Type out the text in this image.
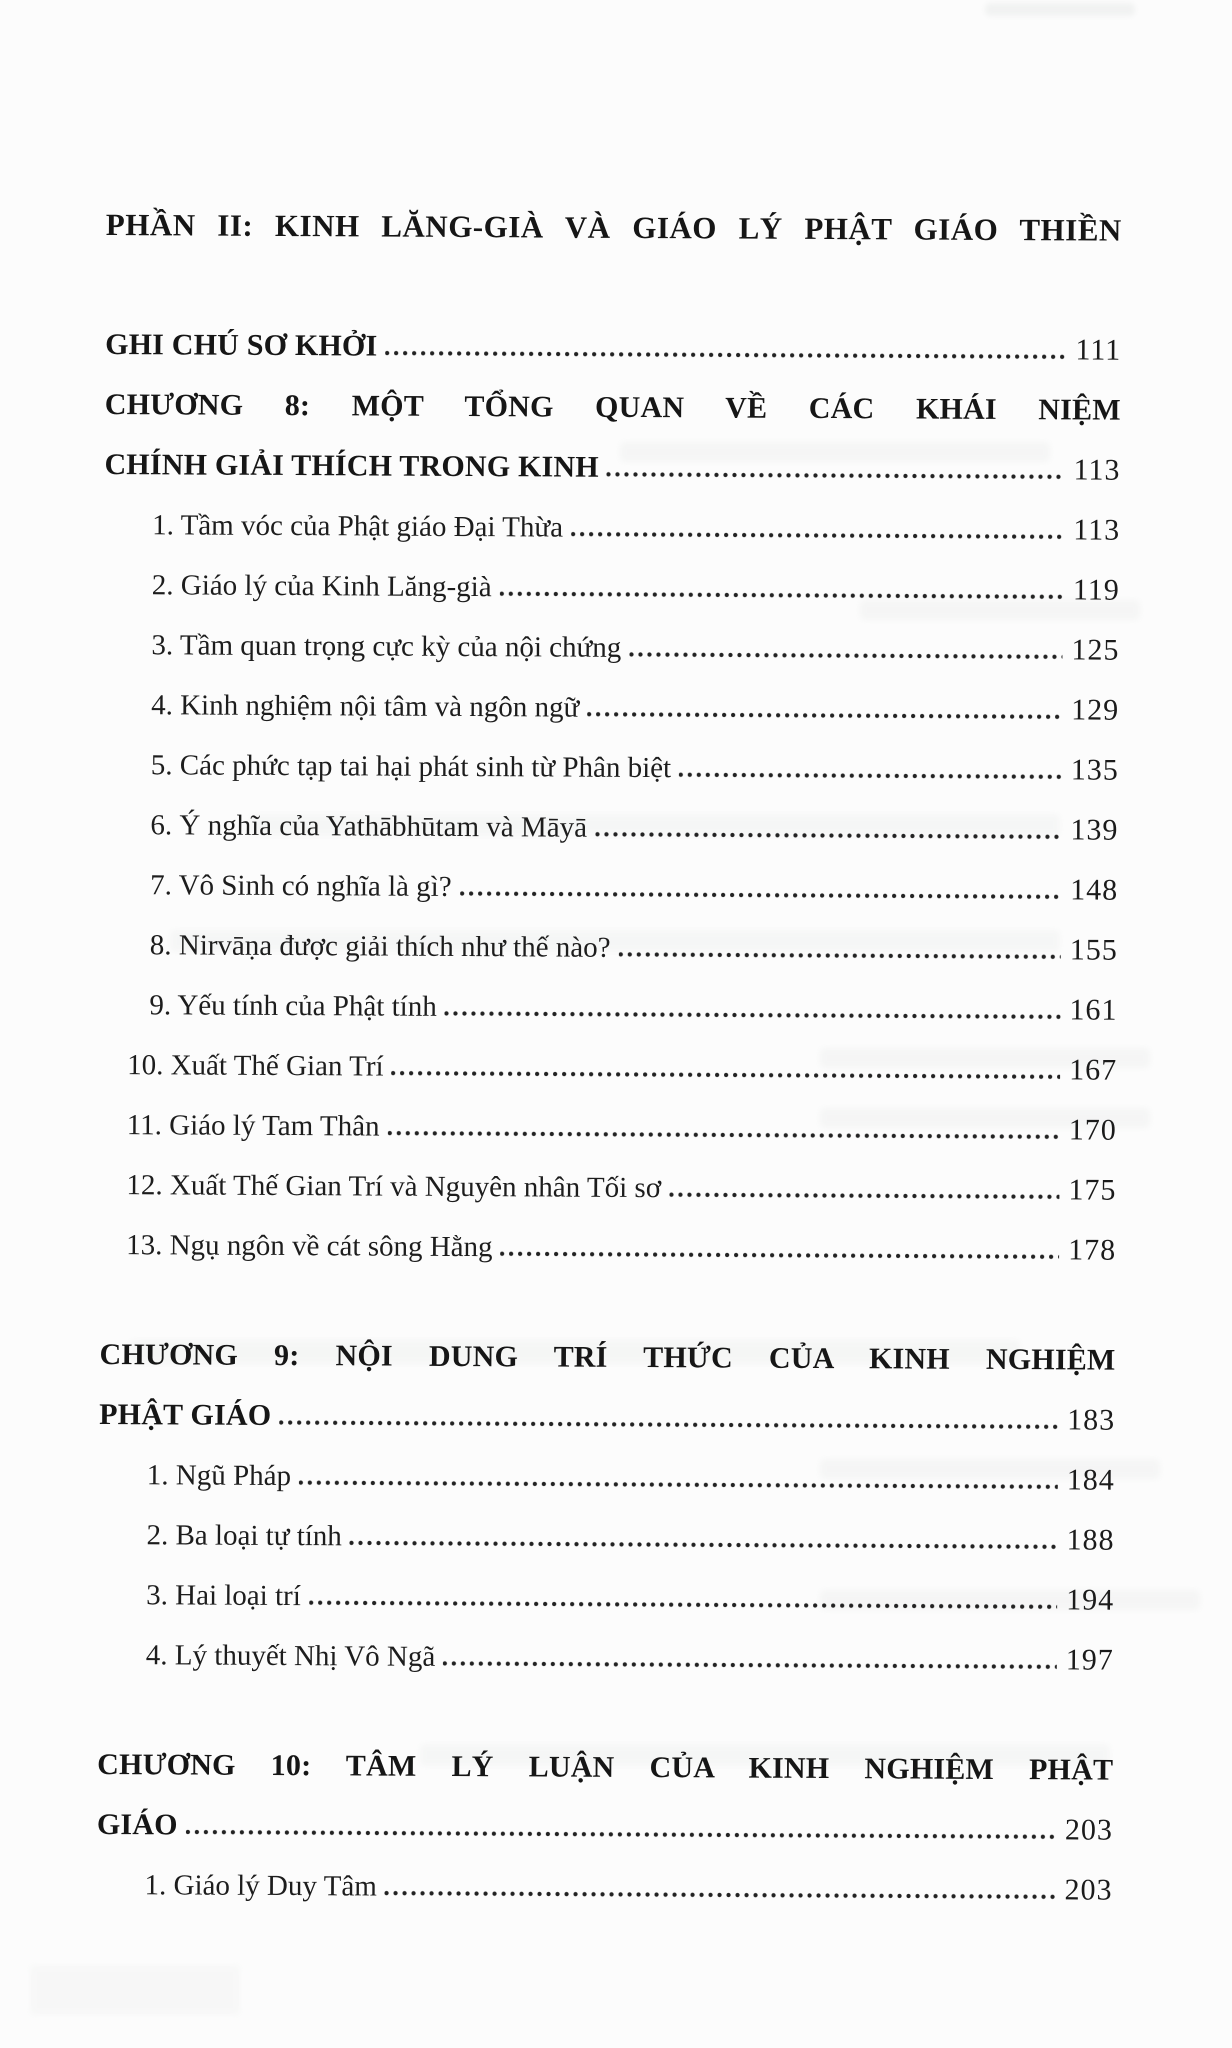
PHẦN II: KINH LĂNG-GIÀ VÀ GIÁO LÝ PHẬT GIÁO THIỀN
GHI CHÚ SƠ KHỞI	111
CHƯƠNG 8: MỘT TỔNG QUAN VỀ CÁC KHÁI NIỆM
CHÍNH GIẢI THÍCH TRONG KINH	113
1. Tầm vóc của Phật giáo Đại Thừa	113
2. Giáo lý của Kinh Lăng-già	119
3. Tầm quan trọng cực kỳ của nội chứng	125
4. Kinh nghiệm nội tâm và ngôn ngữ	129
5. Các phức tạp tai hại phát sinh từ Phân biệt	135
6. Ý nghĩa của Yathābhūtam và Māyā	139
7. Vô Sinh có nghĩa là gì?	148
8. Nirvāṇa được giải thích như thế nào?	155
9. Yếu tính của Phật tính	161
10. Xuất Thế Gian Trí	167
11. Giáo lý Tam Thân	170
12. Xuất Thế Gian Trí và Nguyên nhân Tối sơ	175
13. Ngụ ngôn về cát sông Hằng	178
CHƯƠNG 9: NỘI DUNG TRÍ THỨC CỦA KINH NGHIỆM
PHẬT GIÁO	183
1. Ngũ Pháp	184
2. Ba loại tự tính	188
3. Hai loại trí	194
4. Lý thuyết Nhị Vô Ngã	197
CHƯƠNG 10: TÂM LÝ LUẬN CỦA KINH NGHIỆM PHẬT
GIÁO	203
1. Giáo lý Duy Tâm	203
